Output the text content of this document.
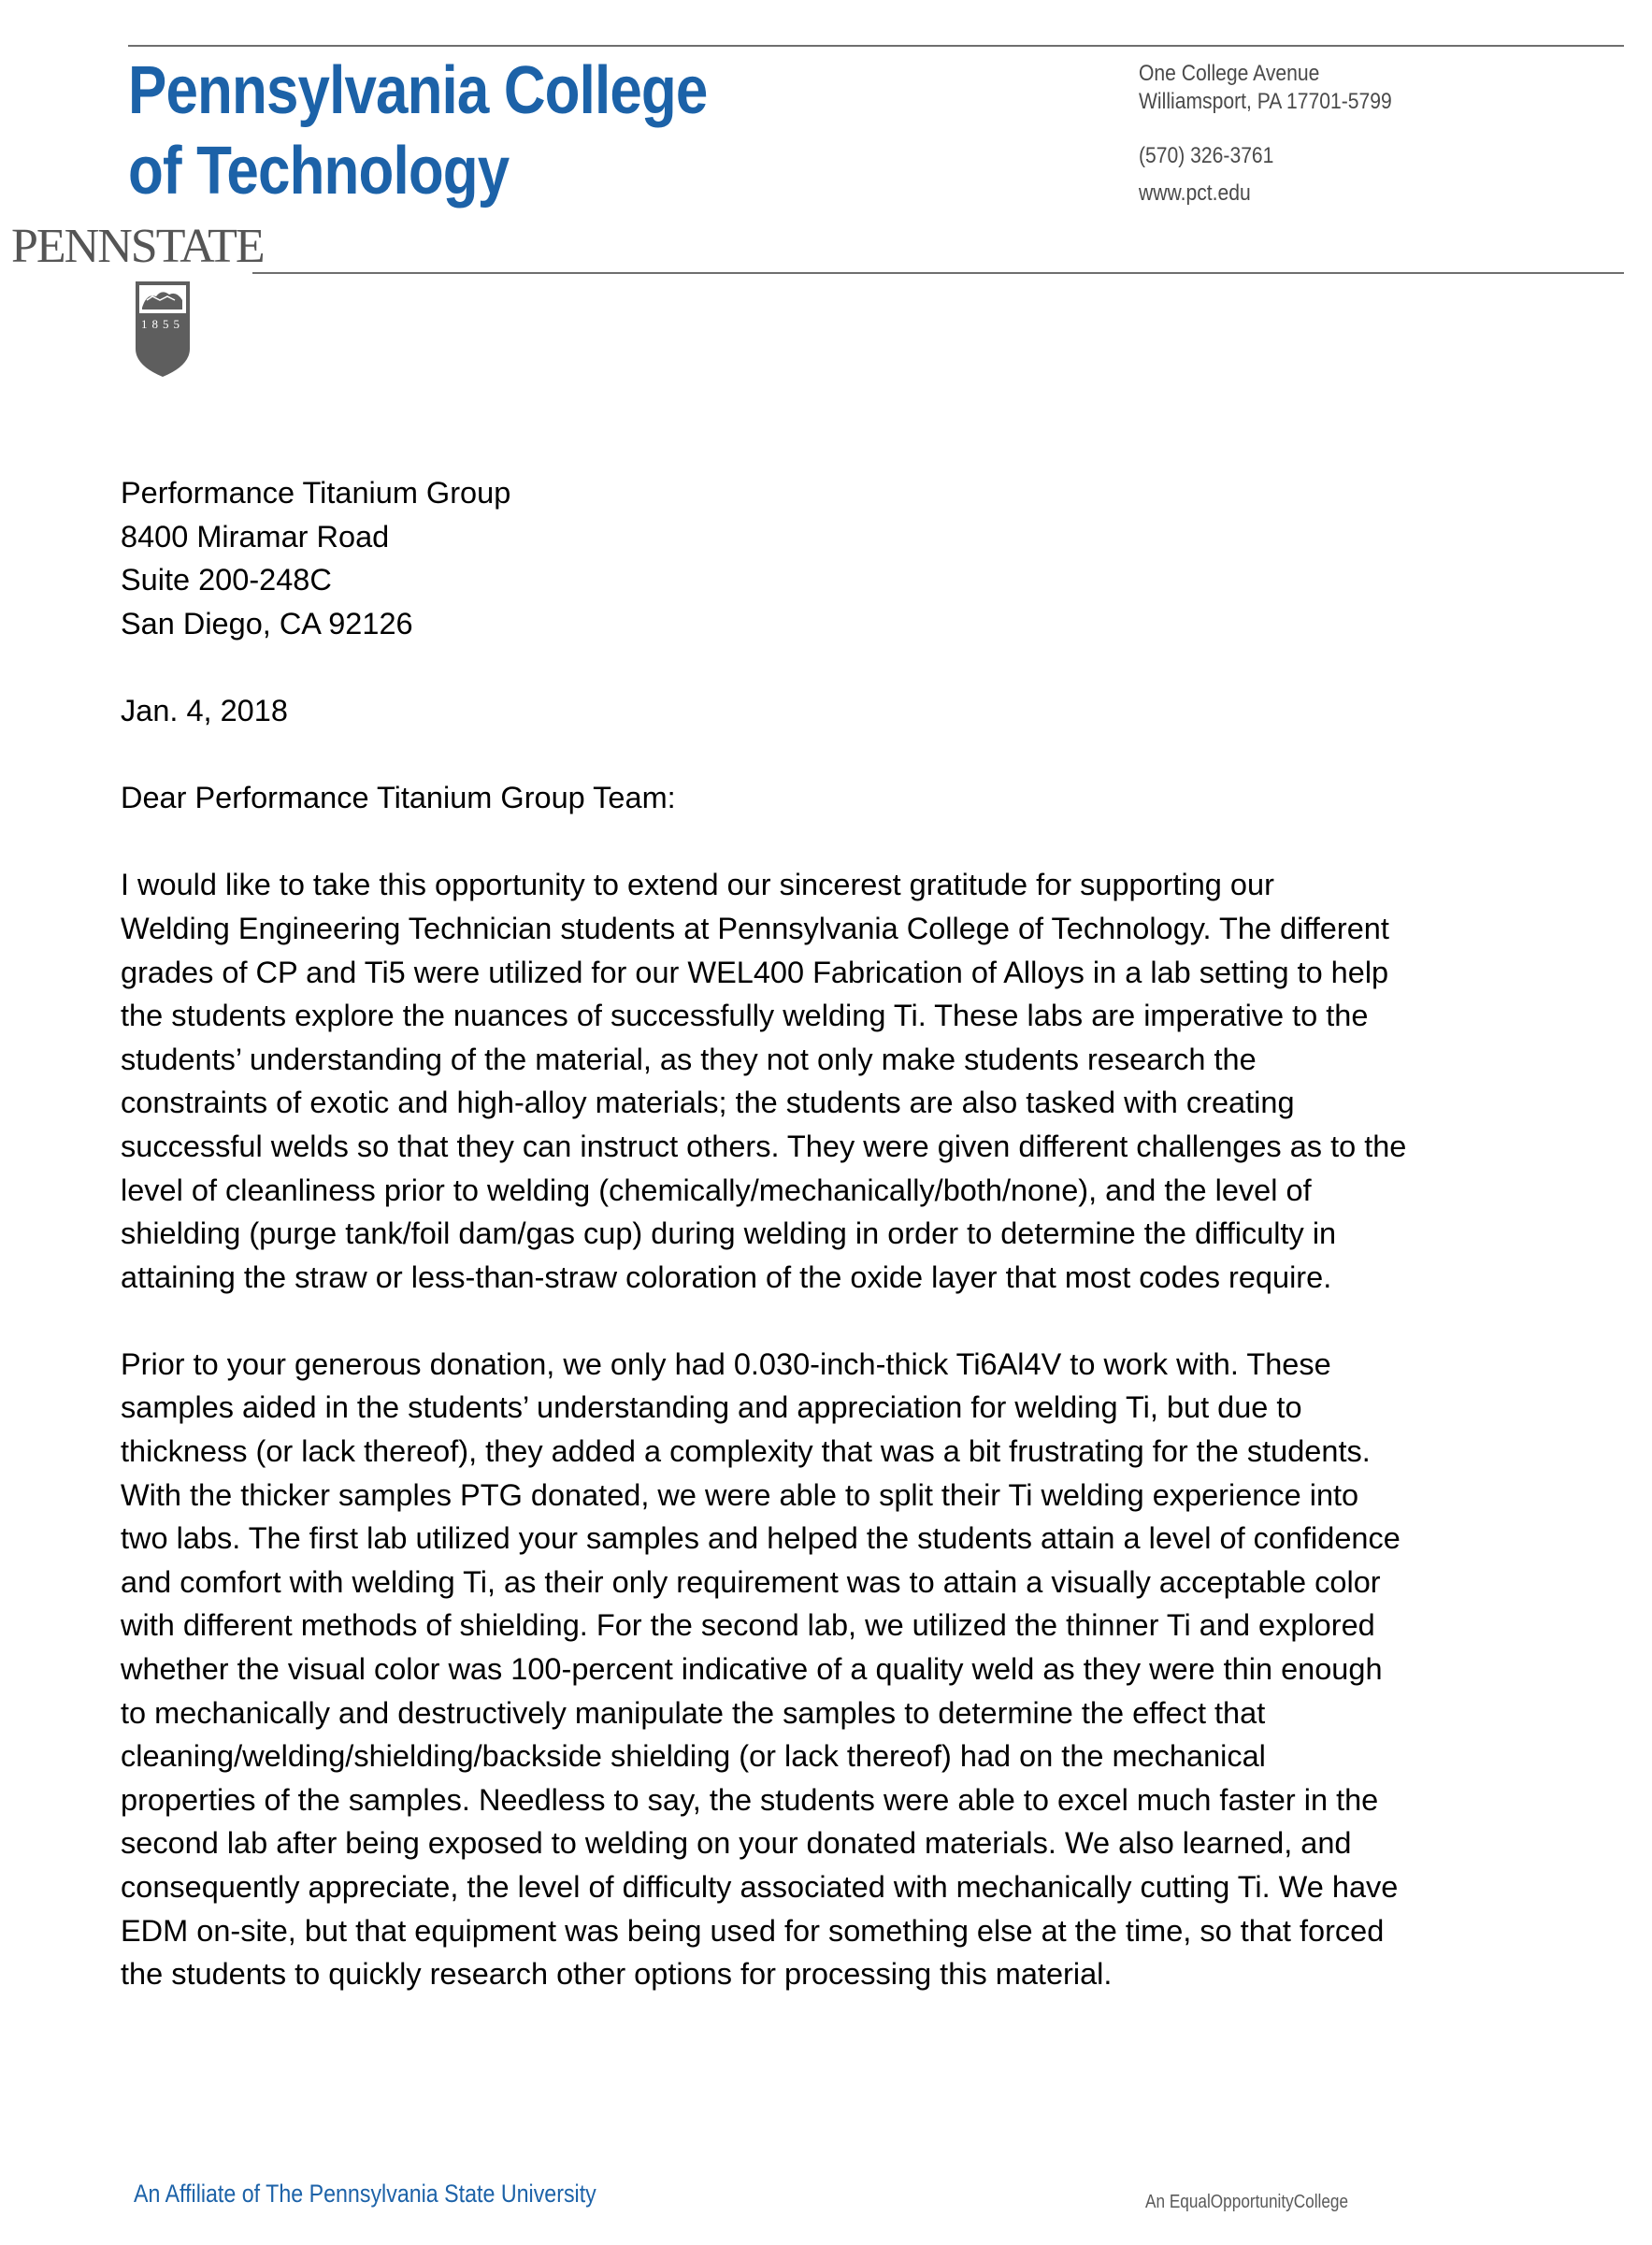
Pennsylvania College
of Technology
PENNSTATE
1855
One College Avenue
Williamsport, PA 17701-5799
(570) 326-3761
www.pct.edu
Performance Titanium Group
8400 Miramar Road
Suite 200-248C
San Diego, CA 92126
Jan. 4, 2018
Dear Performance Titanium Group Team:
I would like to take this opportunity to extend our sincerest gratitude for supporting our
Welding Engineering Technician students at Pennsylvania College of Technology. The different
grades of CP and Ti5 were utilized for our WEL400 Fabrication of Alloys in a lab setting to help
the students explore the nuances of successfully welding Ti. These labs are imperative to the
students’ understanding of the material, as they not only make students research the
constraints of exotic and high-alloy materials; the students are also tasked with creating
successful welds so that they can instruct others. They were given different challenges as to the
level of cleanliness prior to welding (chemically/mechanically/both/none), and the level of
shielding (purge tank/foil dam/gas cup) during welding in order to determine the difficulty in
attaining the straw or less-than-straw coloration of the oxide layer that most codes require.
Prior to your generous donation, we only had 0.030-inch-thick Ti6Al4V to work with. These
samples aided in the students’ understanding and appreciation for welding Ti, but due to
thickness (or lack thereof), they added a complexity that was a bit frustrating for the students.
With the thicker samples PTG donated, we were able to split their Ti welding experience into
two labs. The first lab utilized your samples and helped the students attain a level of confidence
and comfort with welding Ti, as their only requirement was to attain a visually acceptable color
with different methods of shielding. For the second lab, we utilized the thinner Ti and explored
whether the visual color was 100-percent indicative of a quality weld as they were thin enough
to mechanically and destructively manipulate the samples to determine the effect that
cleaning/welding/shielding/backside shielding (or lack thereof) had on the mechanical
properties of the samples. Needless to say, the students were able to excel much faster in the
second lab after being exposed to welding on your donated materials. We also learned, and
consequently appreciate, the level of difficulty associated with mechanically cutting Ti. We have
EDM on-site, but that equipment was being used for something else at the time, so that forced
the students to quickly research other options for processing this material.
An Affiliate of The Pennsylvania State University	An EqualOpportunityCollege
